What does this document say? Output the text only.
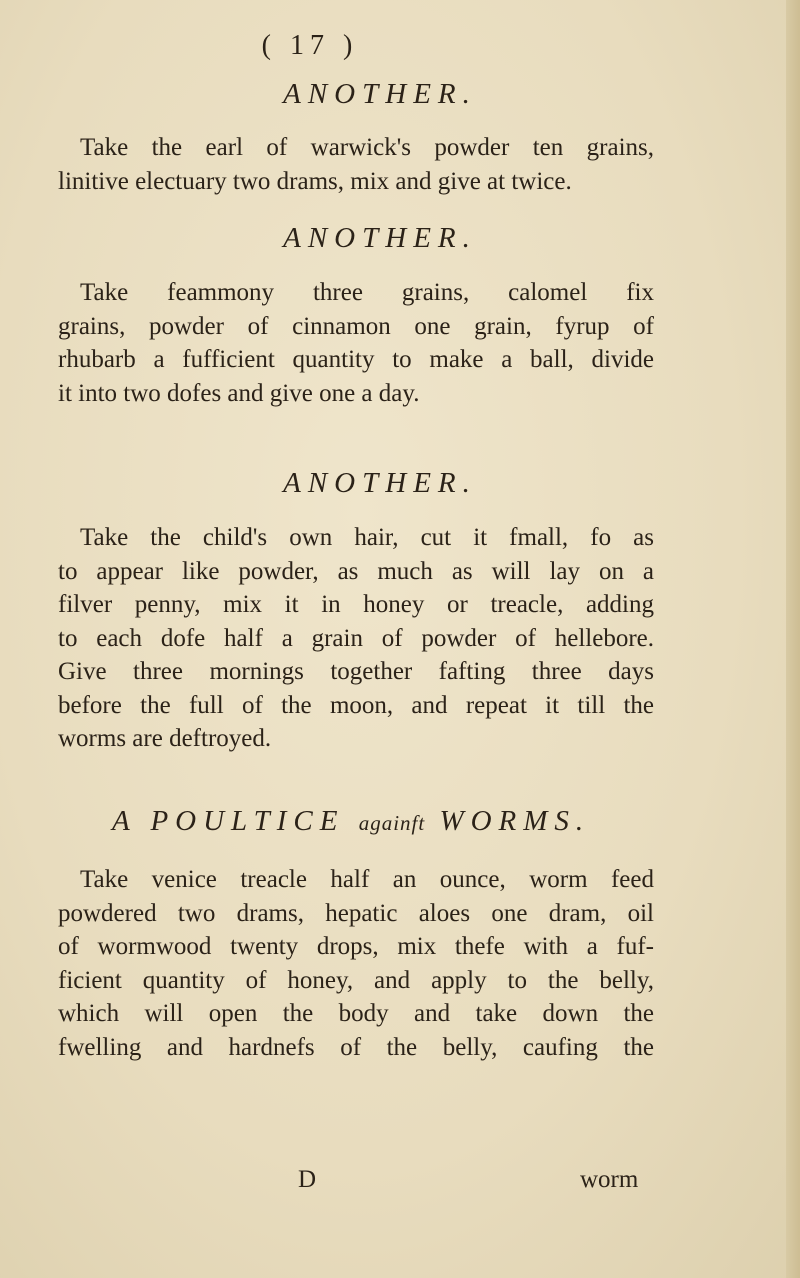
( 17 )
ANOTHER.
Take the earl of warwick's powder ten grains,
linitive electuary two drams, mix and give at twice.
ANOTHER.
Take feammony three grains, calomel fix
grains, powder of cinnamon one grain, fyrup of
rhubarb a fufficient quantity to make a ball, divide
it into two dofes and give one a day.
ANOTHER.
Take the child's own hair, cut it fmall, fo as
to appear like powder, as much as will lay on a
filver penny, mix it in honey or treacle, adding
to each dofe half a grain of powder of hellebore.
Give three mornings together fafting three days
before the full of the moon, and repeat it till the
worms are deftroyed.
A POULTICE againft WORMS.
Take venice treacle half an ounce, worm feed
powdered two drams, hepatic aloes one dram, oil
of wormwood twenty drops, mix thefe with a fuf-
ficient quantity of honey, and apply to the belly,
which will open the body and take down the
fwelling and hardnefs of the belly, caufing the
D	worm
